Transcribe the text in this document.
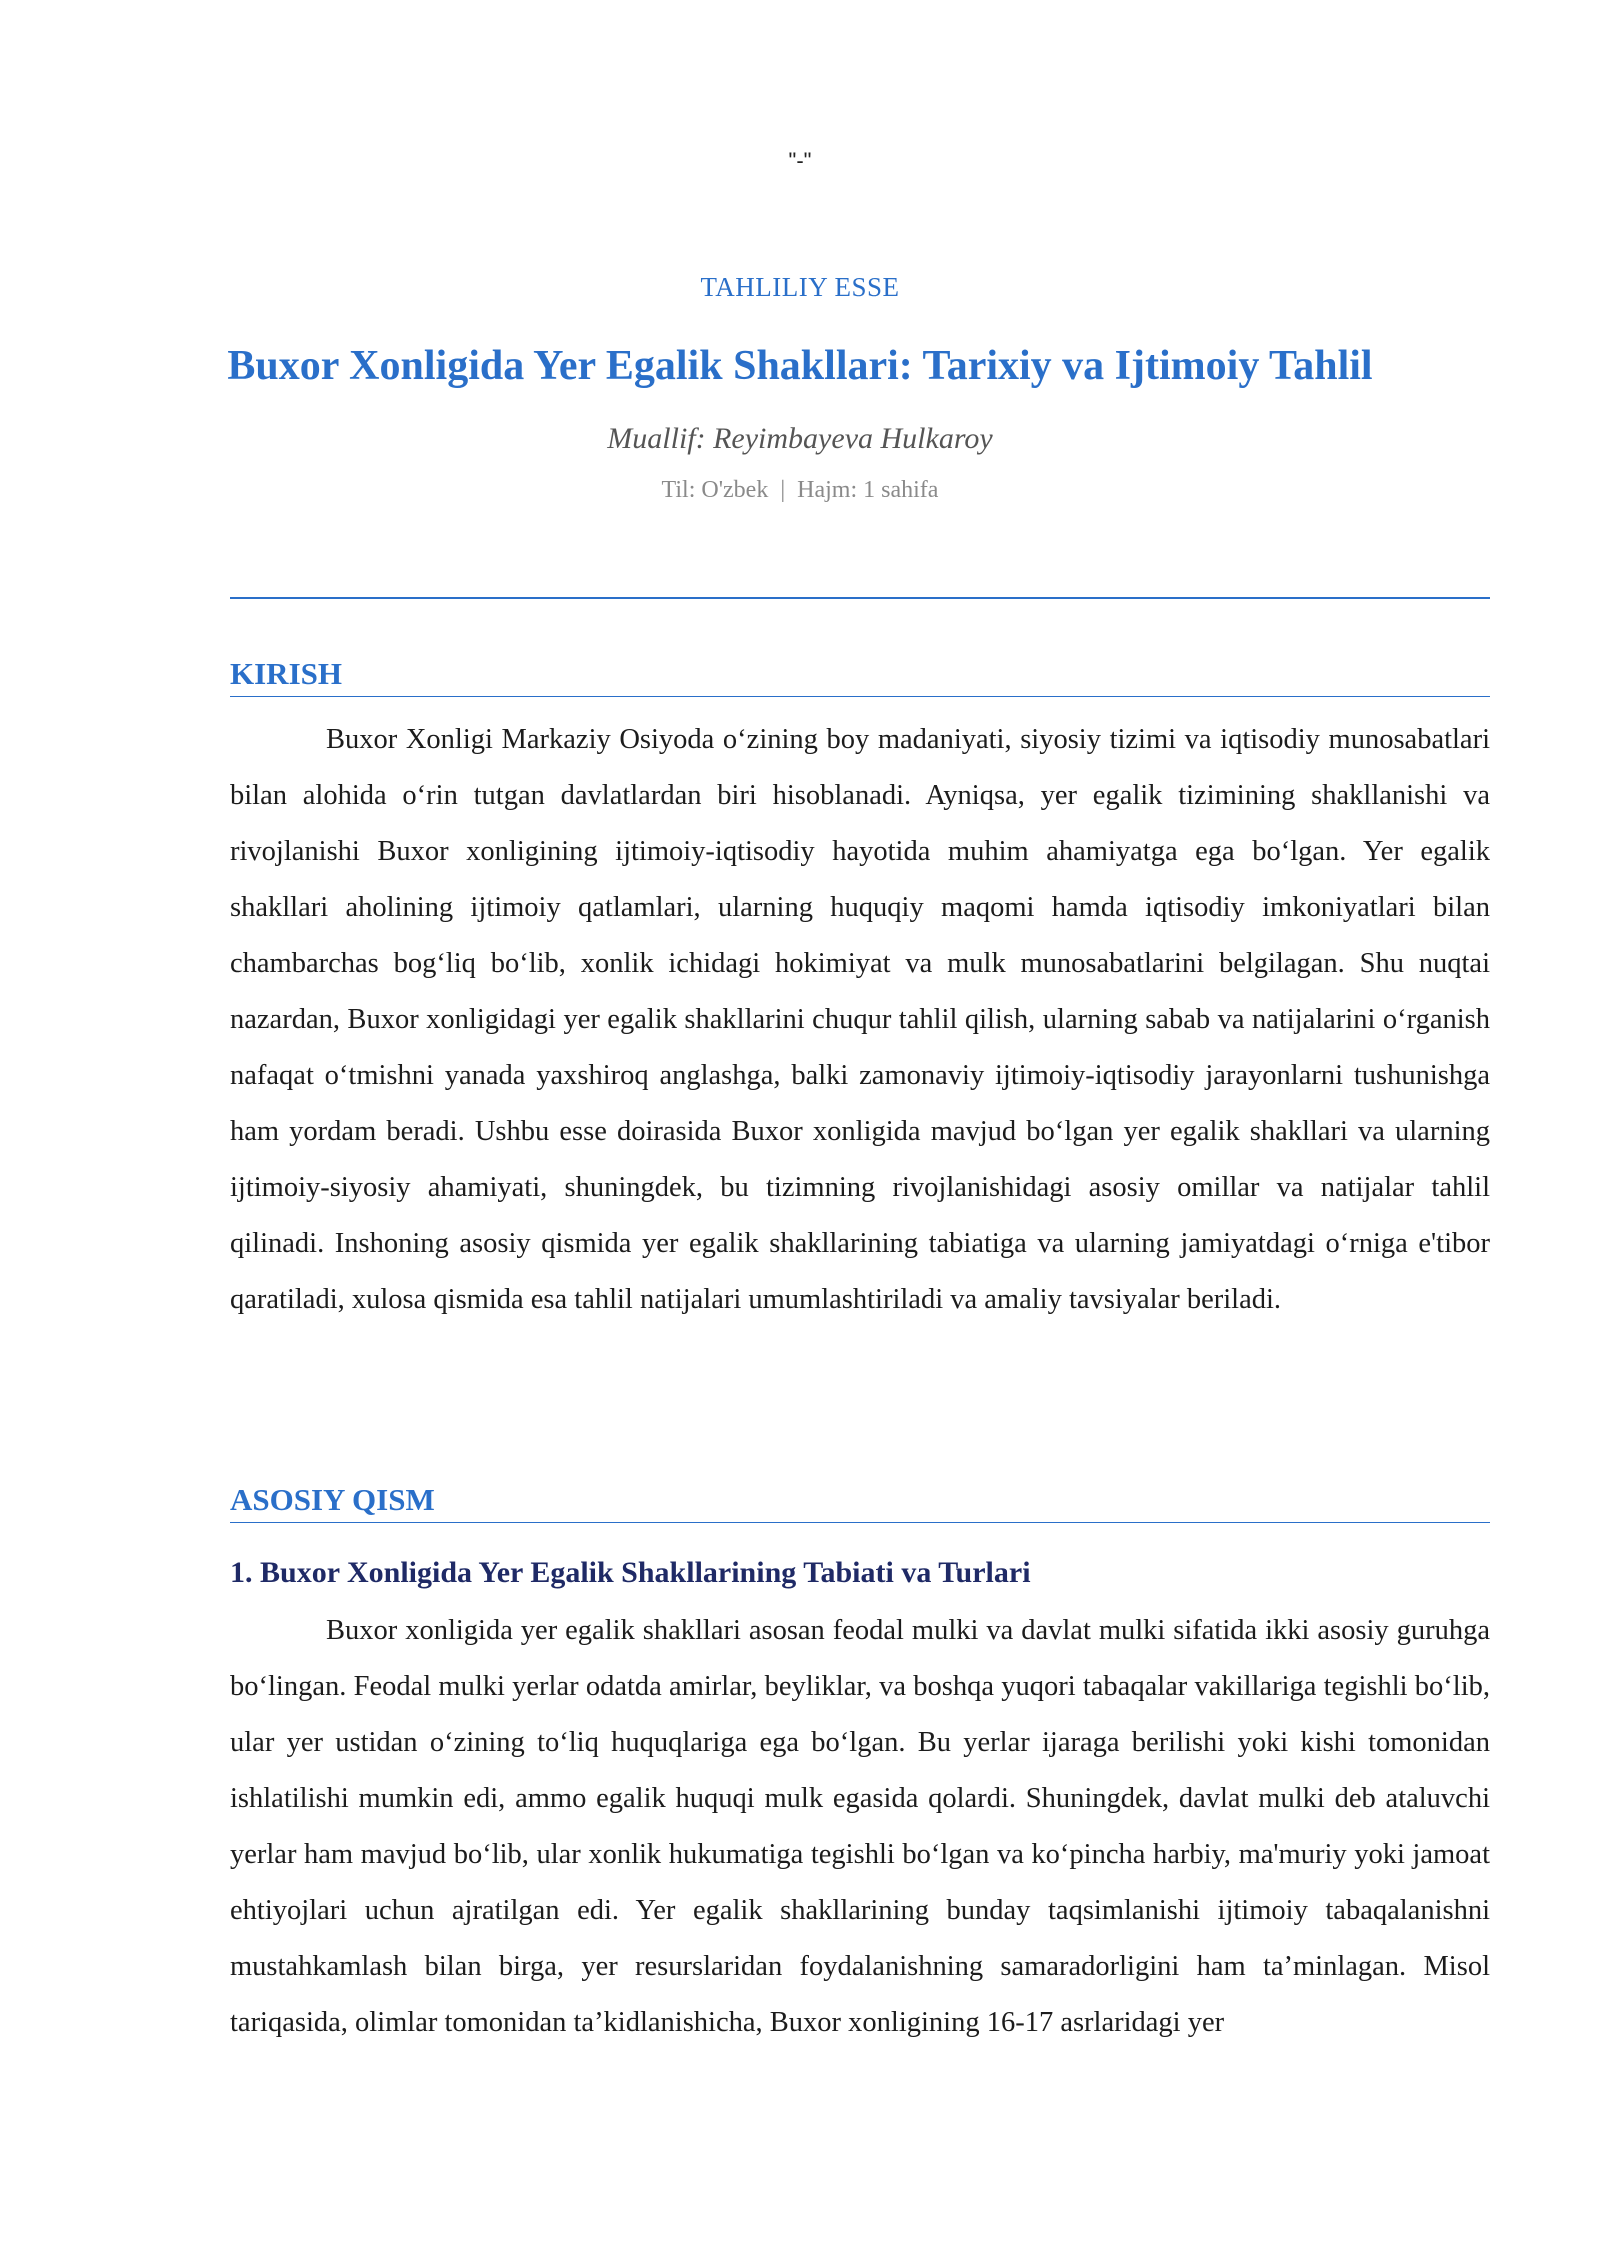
"-"
TAHLILIY ESSE
Buxor Xonligida Yer Egalik Shakllari: Tarixiy va Ijtimoiy Tahlil
Muallif: Reyimbayeva Hulkaroy
Til: O'zbek | Hajm: 1 sahifa
KIRISH

Buxor Xonligi Markaziy Osiyoda o‘zining boy madaniyati, siyosiy tizimi va iqtisodiy munosabatlari bilan alohida o‘rin tutgan davlatlardan biri hisoblanadi. Ayniqsa, yer egalik tizimining shakllanishi va rivojlanishi Buxor xonligining ijtimoiy-iqtisodiy hayotida muhim ahamiyatga ega bo‘lgan. Yer egalik shakllari aholining ijtimoiy qatlamlari, ularning huquqiy maqomi hamda iqtisodiy imkoniyatlari bilan chambarchas bog‘liq bo‘lib, xonlik ichidagi hokimiyat va mulk munosabatlarini belgilagan. Shu nuqtai nazardan, Buxor xonligidagi yer egalik shakllarini chuqur tahlil qilish, ularning sabab va natijalarini o‘rganish nafaqat o‘tmishni yanada yaxshiroq anglashga, balki zamonaviy ijtimoiy-iqtisodiy jarayonlarni tushunishga ham yordam beradi. Ushbu esse doirasida Buxor xonligida mavjud bo‘lgan yer egalik shakllari va ularning ijtimoiy-siyosiy ahamiyati, shuningdek, bu tizimning rivojlanishidagi asosiy omillar va natijalar tahlil qilinadi. Inshoning asosiy qismida yer egalik shakllarining tabiatiga va ularning jamiyatdagi o‘rniga e'tibor qaratiladi, xulosa qismida esa tahlil natijalari umumlashtiriladi va amaliy tavsiyalar beriladi.

ASOSIY QISM
1. Buxor Xonligida Yer Egalik Shakllarining Tabiati va Turlari

Buxor xonligida yer egalik shakllari asosan feodal mulki va davlat mulki sifatida ikki asosiy guruhga bo‘lingan. Feodal mulki yerlar odatda amirlar, beyliklar, va boshqa yuqori tabaqalar vakillariga tegishli bo‘lib, ular yer ustidan o‘zining to‘liq huquqlariga ega bo‘lgan. Bu yerlar ijaraga berilishi yoki kishi tomonidan ishlatilishi mumkin edi, ammo egalik huquqi mulk egasida qolardi. Shuningdek, davlat mulki deb ataluvchi yerlar ham mavjud bo‘lib, ular xonlik hukumatiga tegishli bo‘lgan va ko‘pincha harbiy, ma'muriy yoki jamoat ehtiyojlari uchun ajratilgan edi. Yer egalik shakllarining bunday taqsimlanishi ijtimoiy tabaqalanishni mustahkamlash bilan birga, yer resurslaridan foydalanishning samaradorligini ham ta’minlagan. Misol tariqasida, olimlar tomonidan ta’kidlanishicha, Buxor xonligining 16-17 asrlaridagi yer
